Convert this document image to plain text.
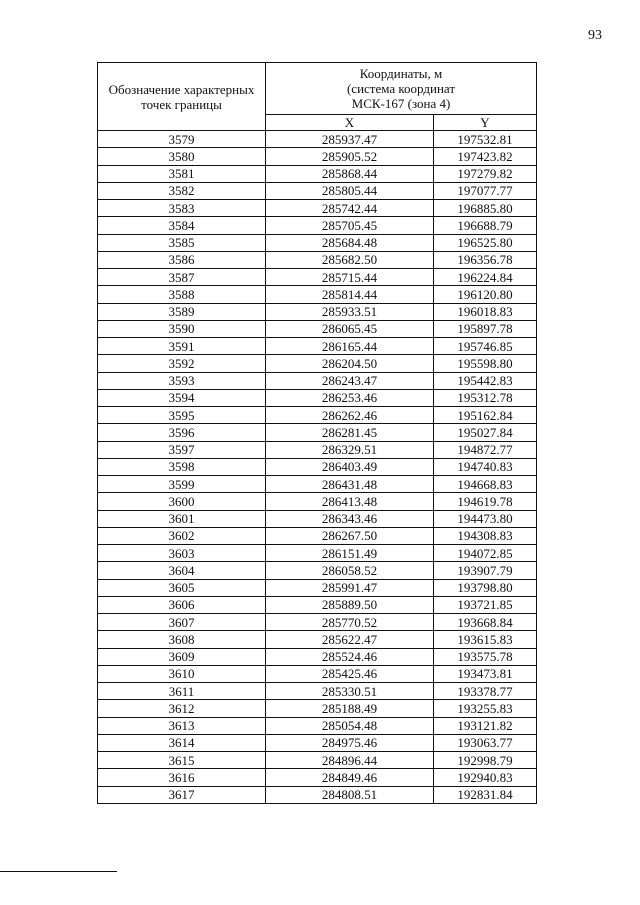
93
Обозначение характерных точек границы	Координаты, м
(система координат
МСК-167 (зона 4)	

	X	Y
3579	285937.47	197532.81
3580	285905.52	197423.82
3581	285868.44	197279.82
3582	285805.44	197077.77
3583	285742.44	196885.80
3584	285705.45	196688.79
3585	285684.48	196525.80
3586	285682.50	196356.78
3587	285715.44	196224.84
3588	285814.44	196120.80
3589	285933.51	196018.83
3590	286065.45	195897.78
3591	286165.44	195746.85
3592	286204.50	195598.80
3593	286243.47	195442.83
3594	286253.46	195312.78
3595	286262.46	195162.84
3596	286281.45	195027.84
3597	286329.51	194872.77
3598	286403.49	194740.83
3599	286431.48	194668.83
3600	286413.48	194619.78
3601	286343.46	194473.80
3602	286267.50	194308.83
3603	286151.49	194072.85
3604	286058.52	193907.79
3605	285991.47	193798.80
3606	285889.50	193721.85
3607	285770.52	193668.84
3608	285622.47	193615.83
3609	285524.46	193575.78
3610	285425.46	193473.81
3611	285330.51	193378.77
3612	285188.49	193255.83
3613	285054.48	193121.82
3614	284975.46	193063.77
3615	284896.44	192998.79
3616	284849.46	192940.83
3617	284808.51	192831.84
